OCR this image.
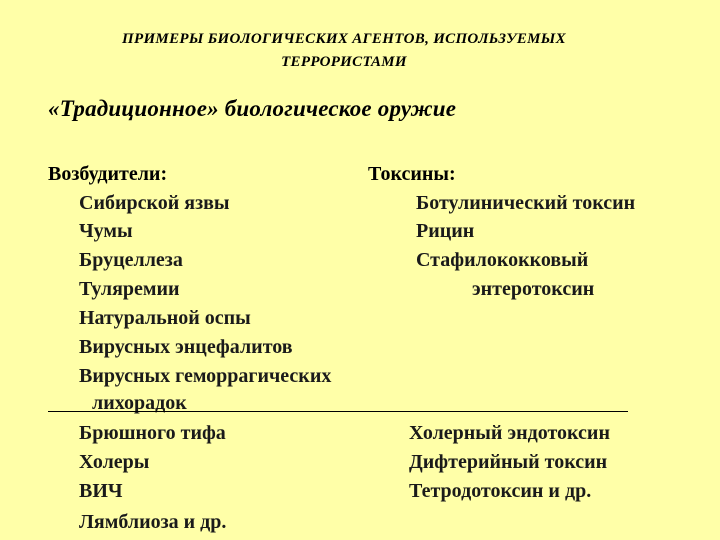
ПРИМЕРЫ БИОЛОГИЧЕСКИХ АГЕНТОВ, ИСПОЛЬЗУЕМЫХ
ТЕРРОРИСТАМИ
«Традиционное» биологическое оружие
Возбудители:
Сибирской язвы
Чумы
Бруцеллеза
Туляремии
Натуральной оспы
Вирусных энцефалитов
Вирусных геморрагических
лихорадок
Брюшного тифа
Холеры
ВИЧ
Лямблиоза и др.
Токсины:
Ботулинический токсин
Рицин
Стафилококковый
энтеротоксин
Холерный эндотоксин
Дифтерийный токсин
Тетродотоксин и др.
